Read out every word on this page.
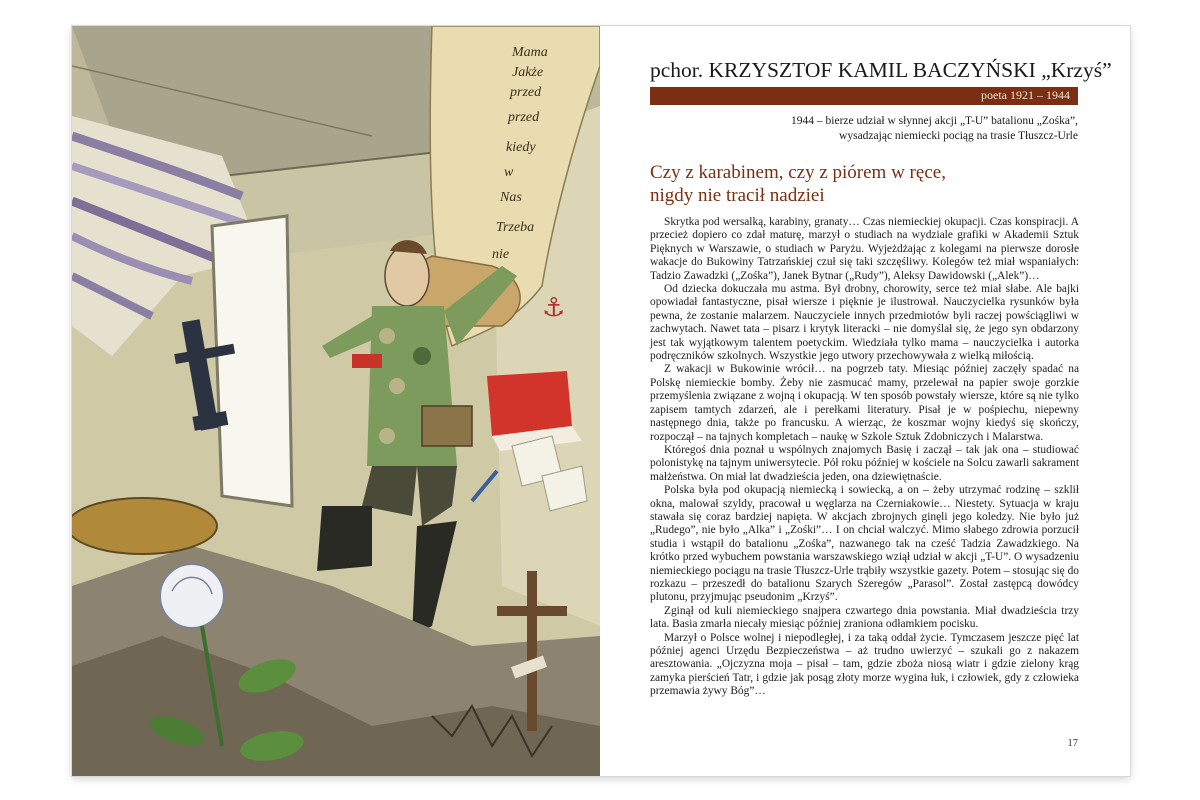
⚓
Mama
Jakże
przed
przed
kiedy
w
Nas
Trzeba
nie
pchor. KRZYSZTOF KAMIL BACZYŃSKI „Krzyś”
poeta 1921 – 1944
1944 – bierze udział w słynnej akcji „T-U” batalionu „Zośka”,
wysadzając niemiecki pociąg na trasie Tłuszcz-Urle
Czy z karabinem, czy z piórem w ręce,
nigdy nie tracił nadziei

Skrytka pod wersalką, karabiny, granaty… Czas niemieckiej okupacji. Czas konspiracji. A przecież dopiero co zdał maturę, marzył o studiach na wydziale grafiki w Akademii Sztuk Pięknych w Warszawie, o studiach w Paryżu. Wyjeżdżając z kolegami na pierwsze dorosłe wakacje do Bukowiny Tatrzańskiej czuł się taki szczęśliwy. Kolegów też miał wspaniałych: Tadzio Zawadzki („Zośka”), Janek Bytnar („Rudy”), Aleksy Dawidowski („Alek”)…

Od dziecka dokuczała mu astma. Był drobny, chorowity, serce też miał słabe. Ale bajki opowiadał fantastyczne, pisał wiersze i pięknie je ilustrował. Nauczycielka rysunków była pewna, że zostanie malarzem. Nauczyciele innych przedmiotów byli raczej powściągliwi w zachwytach. Nawet tata – pisarz i krytyk literacki – nie domyślał się, że jego syn obdarzony jest tak wyjątkowym talentem poetyckim. Wiedziała tylko mama – nauczycielka i autorka podręczników szkolnych. Wszystkie jego utwory przechowywała z wielką miłością.

Z wakacji w Bukowinie wrócił… na pogrzeb taty. Miesiąc później zaczęły spadać na Polskę niemieckie bomby. Żeby nie zasmucać mamy, przelewał na papier swoje gorzkie przemyślenia związane z wojną i okupacją. W ten sposób powstały wiersze, które są nie tylko zapisem tamtych zdarzeń, ale i perełkami literatury. Pisał je w pośpiechu, niepewny następnego dnia, także po francusku. A wierząc, że koszmar wojny kiedyś się skończy, rozpoczął – na tajnych kompletach – naukę w Szkole Sztuk Zdobniczych i Malarstwa.

Któregoś dnia poznał u wspólnych znajomych Basię i zaczął – tak jak ona – studiować polonistykę na tajnym uniwersytecie. Pół roku później w kościele na Solcu zawarli sakrament małżeństwa. On miał lat dwadzieścia jeden, ona dziewiętnaście.

Polska była pod okupacją niemiecką i sowiecką, a on – żeby utrzymać rodzinę – szklił okna, malował szyldy, pracował u węglarza na Czerniakowie… Niestety. Sytuacja w kraju stawała się coraz bardziej napięta. W akcjach zbrojnych ginęli jego koledzy. Nie było już „Rudego”, nie było „Alka” i „Zośki”… I on chciał walczyć. Mimo słabego zdrowia porzucił studia i wstąpił do batalionu „Zośka”, nazwanego tak na cześć Tadzia Zawadzkiego. Na krótko przed wybuchem powstania warszawskiego wziął udział w akcji „T-U”. O wysadzeniu niemieckiego pociągu na trasie Tłuszcz-Urle trąbiły wszystkie gazety. Potem – stosując się do rozkazu – przeszedł do batalionu Szarych Szeregów „Parasol”. Został zastępcą dowódcy plutonu, przyjmując pseudonim „Krzyś”.

Zginął od kuli niemieckiego snajpera czwartego dnia powstania. Miał dwadzieścia trzy lata. Basia zmarła niecały miesiąc później zraniona odłamkiem pocisku.

Marzył o Polsce wolnej i niepodległej, i za taką oddał życie. Tymczasem jeszcze pięć lat później agenci Urzędu Bezpieczeństwa – aż trudno uwierzyć – szukali go z nakazem aresztowania. „Ojczyzna moja – pisał – tam, gdzie zboża niosą wiatr i gdzie zielony krąg zamyka pierścień Tatr, i gdzie jak posąg złoty morze wygina łuk, i człowiek, gdy z człowieka przemawia żywy Bóg”…

17
